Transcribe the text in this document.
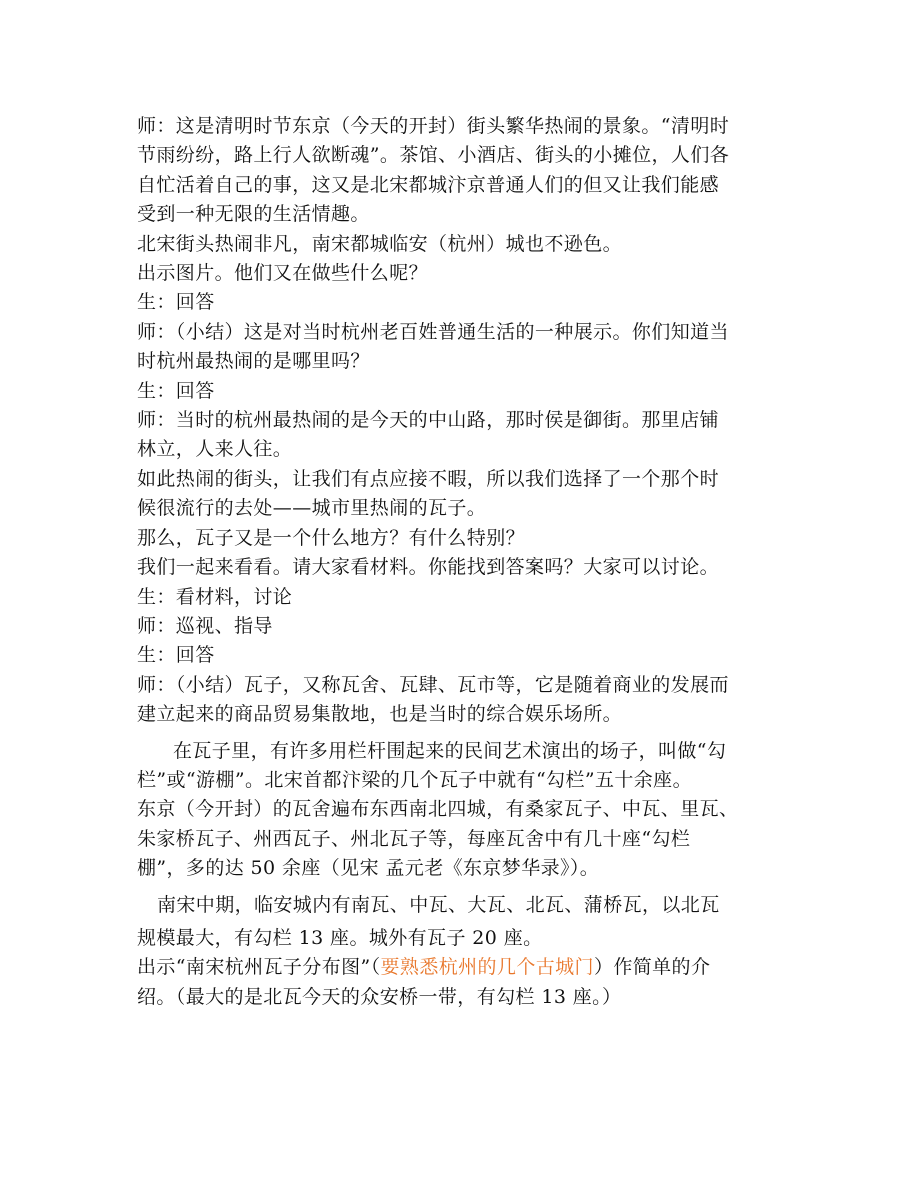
师：这是清明时节东京（今天的开封）街头繁华热闹的景象。“清明时
节雨纷纷，路上行人欲断魂”。茶馆、小酒店、街头的小摊位，人们各
自忙活着自己的事，这又是北宋都城汴京普通人们的但又让我们能感
受到一种无限的生活情趣。
北宋街头热闹非凡，南宋都城临安（杭州）城也不逊色。
出示图片。他们又在做些什么呢？
生：回答
师：（小结）这是对当时杭州老百姓普通生活的一种展示。你们知道当
时杭州最热闹的是哪里吗？
生：回答
师：当时的杭州最热闹的是今天的中山路，那时侯是御街。那里店铺
林立，人来人往。
如此热闹的街头，让我们有点应接不暇，所以我们选择了一个那个时
候很流行的去处——城市里热闹的瓦子。
那么，瓦子又是一个什么地方？有什么特别？
我们一起来看看。请大家看材料。你能找到答案吗？大家可以讨论。
生：看材料，讨论
师：巡视、指导
生：回答
师：（小结）瓦子，又称瓦舍、瓦肆、瓦市等，它是随着商业的发展而
建立起来的商品贸易集散地，也是当时的综合娱乐场所。
在瓦子里，有许多用栏杆围起来的民间艺术演出的场子，叫做“勾
栏”或“游棚”。北宋首都汴梁的几个瓦子中就有“勾栏”五十余座。
东京（今开封）的瓦舍遍布东西南北四城，有桑家瓦子、中瓦、里瓦、
朱家桥瓦子、州西瓦子、州北瓦子等，每座瓦舍中有几十座“勾栏
棚”，多的达 50 余座（见宋 孟元老《东京梦华录》）。
南宋中期，临安城内有南瓦、中瓦、大瓦、北瓦、蒲桥瓦，以北瓦
规模最大，有勾栏 13 座。城外有瓦子 20 座。
出示“南宋杭州瓦子分布图”（要熟悉杭州的几个古城门）作简单的介
绍。（最大的是北瓦今天的众安桥一带，有勾栏 13 座。）
